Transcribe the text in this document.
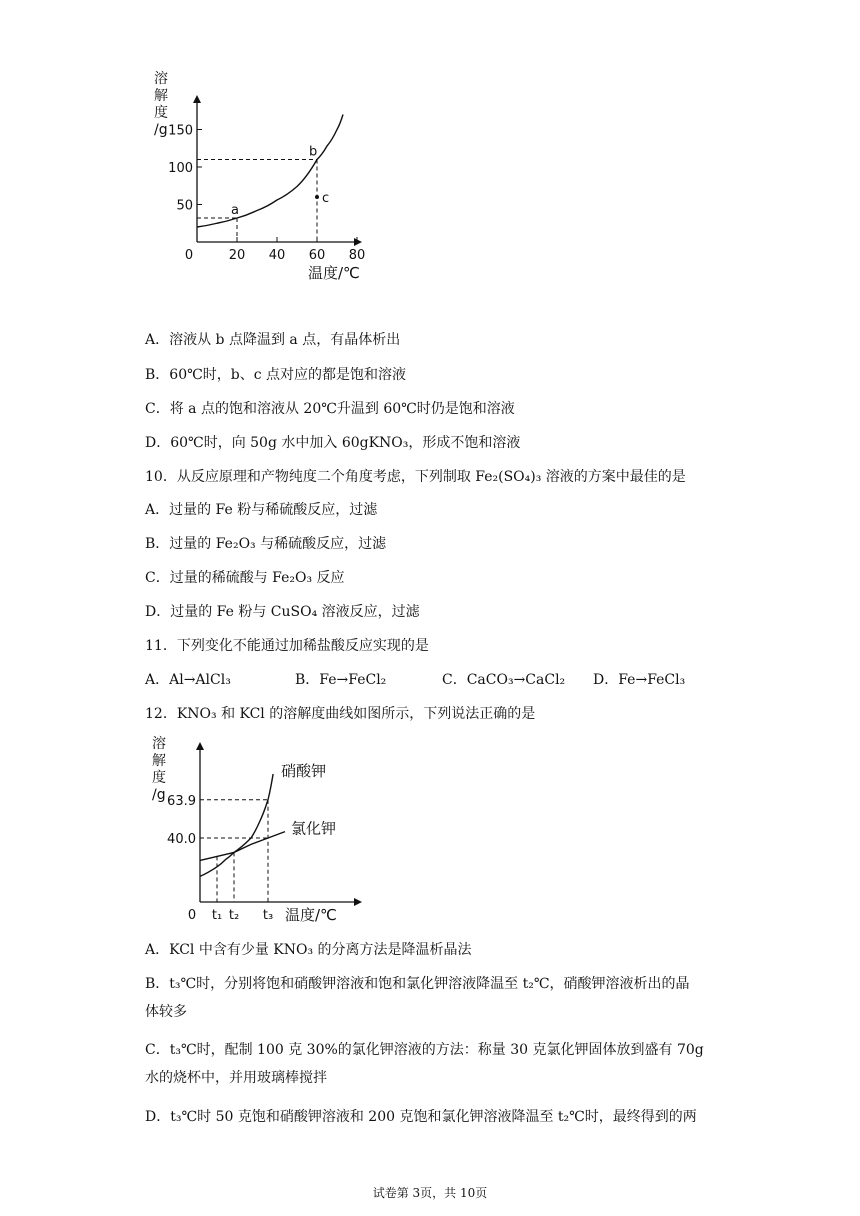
50
100
150
0	20 40 60 80
溶
解
度
/g
温度/℃
a
b
c
A．溶液从 b 点降温到 a 点，有晶体析出
B．60℃时，b、c 点对应的都是饱和溶液
C．将 a 点的饱和溶液从 20℃升温到 60℃时仍是饱和溶液
D．60℃时，向 50g 水中加入 60gKNO₃，形成不饱和溶液
10．从反应原理和产物纯度二个角度考虑，下列制取 Fe₂(SO₄)₃ 溶液的方案中最佳的是
A．过量的 Fe 粉与稀硫酸反应，过滤
B．过量的 Fe₂O₃ 与稀硫酸反应，过滤
C．过量的稀硫酸与 Fe₂O₃ 反应
D．过量的 Fe 粉与 CuSO₄ 溶液反应，过滤
11．下列变化不能通过加稀盐酸反应实现的是
A．Al→AlCl₃	B．Fe→FeCl₂	C．CaCO₃→CaCl₂ D．Fe→FeCl₃
12．KNO₃ 和 KCl 的溶解度曲线如图所示，下列说法正确的是
40.0
63.9
0 t₁ t₂ t₃
溶
解
度
/g
温度/℃
硝酸钾
氯化钾
A．KCl 中含有少量 KNO₃ 的分离方法是降温析晶法
B．t₃℃时，分别将饱和硝酸钾溶液和饱和氯化钾溶液降温至 t₂℃，硝酸钾溶液析出的晶
体较多
C．t₃℃时，配制 100 克 30%的氯化钾溶液的方法：称量 30 克氯化钾固体放到盛有 70g
水的烧杯中，并用玻璃棒搅拌
D．t₃℃时 50 克饱和硝酸钾溶液和 200 克饱和氯化钾溶液降温至 t₂℃时，最终得到的两
试卷第 3页，共 10页
